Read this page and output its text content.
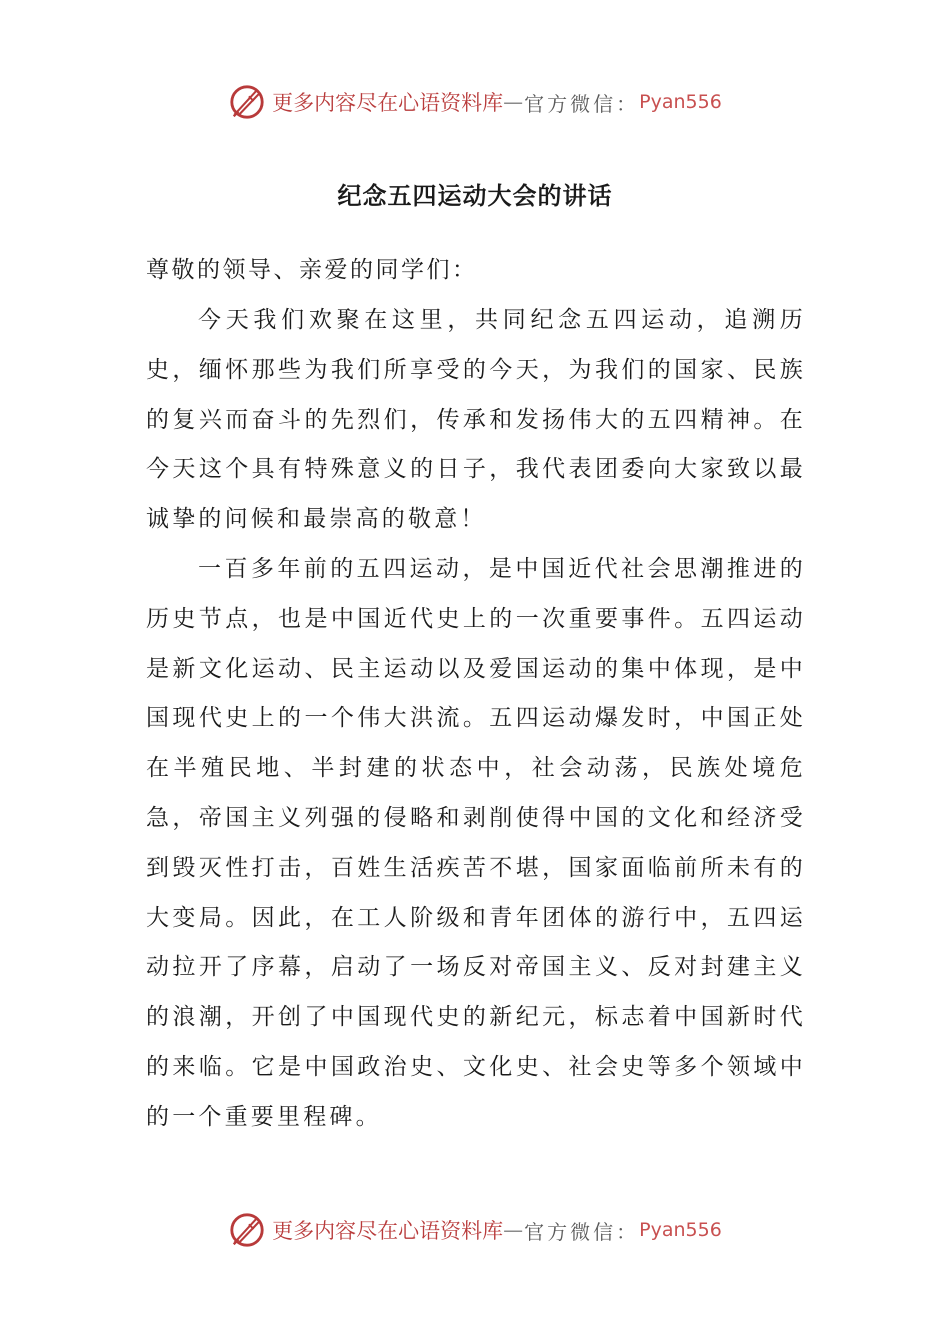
更多内容尽在心语资料库 — 官方微信： Pyan556
纪念五四运动大会的讲话
尊敬的领导、亲爱的同学们：

今天我们欢聚在这里，共同纪念五四运动，追溯历史，缅怀那些为我们所享受的今天，为我们的国家、民族的复兴而奋斗的先烈们，传承和发扬伟大的五四精神。在今天这个具有特殊意义的日子，我代表团委向大家致以最诚挚的问候和最崇高的敬意！

一百多年前的五四运动，是中国近代社会思潮推进的历史节点，也是中国近代史上的一次重要事件。五四运动是新文化运动、民主运动以及爱国运动的集中体现，是中国现代史上的一个伟大洪流。五四运动爆发时，中国正处在半殖民地、半封建的状态中，社会动荡，民族处境危急，帝国主义列强的侵略和剥削使得中国的文化和经济受到毁灭性打击，百姓生活疾苦不堪，国家面临前所未有的大变局。因此，在工人阶级和青年团体的游行中，五四运动拉开了序幕，启动了一场反对帝国主义、反对封建主义的浪潮，开创了中国现代史的新纪元，标志着中国新时代的来临。它是中国政治史、文化史、社会史等多个领域中的一个重要里程碑。

更多内容尽在心语资料库 — 官方微信： Pyan556
